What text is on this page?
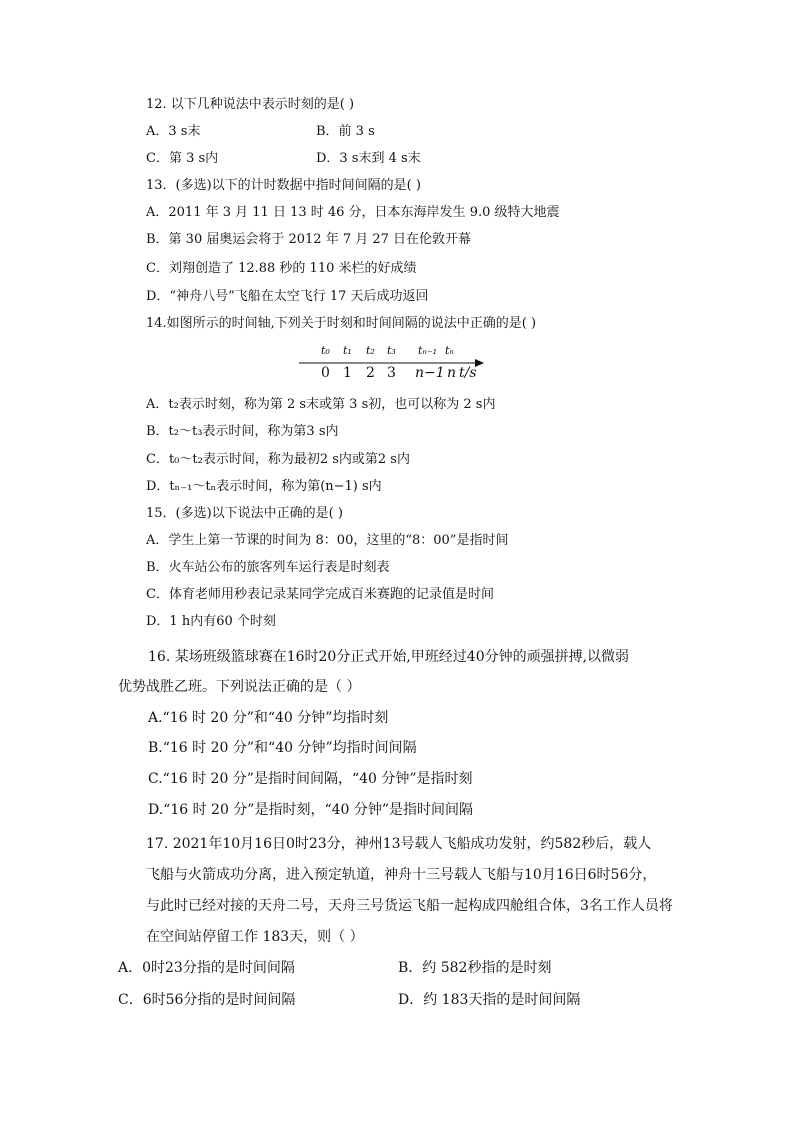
12. 以下几种说法中表示时刻的是( )
A．3 s末	B．前 3 s
C．第 3 s内	D．3 s末到 4 s末
13．(多选)以下的计时数据中指时间间隔的是( )
A．2011 年 3 月 11 日 13 时 46 分，日本东海岸发生 9.0 级特大地震
B．第 30 届奥运会将于 2012 年 7 月 27 日在伦敦开幕
C．刘翔创造了 12.88 秒的 110 米栏的好成绩
D．“神舟八号”飞船在太空飞行 17 天后成功返回
14.如图所示的时间轴,下列关于时刻和时间间隔的说法中正确的是( )
t₀ t₁ t₂ t₃ tₙ₋₁ tₙ
0 1 2 3 n−1 n t/s
A．t₂表示时刻，称为第 2 s末或第 3 s初，也可以称为 2 s内
B．t₂～t₃表示时间，称为第3 s内
C．t₀～t₂表示时间，称为最初2 s内或第2 s内
D．tₙ₋₁～tₙ表示时间，称为第(n−1) s内
15．(多选)以下说法中正确的是( )
A．学生上第一节课的时间为 8：00，这里的“8：00”是指时间
B．火车站公布的旅客列车运行表是时刻表
C．体育老师用秒表记录某同学完成百米赛跑的记录值是时间
D．1 h内有60 个时刻
16. 某场班级篮球赛在16时20分正式开始,甲班经过40分钟的顽强拼搏,以微弱
优势战胜乙班。下列说法正确的是（ ）
A.“16 时 20 分”和“40 分钟”均指时刻
B.“16 时 20 分”和“40 分钟”均指时间间隔
C.“16 时 20 分”是指时间间隔，“40 分钟”是指时刻
D.“16 时 20 分”是指时刻，“40 分钟”是指时间间隔
17. 2021年10月16日0时23分，神州13号载人飞船成功发射，约582秒后，载人
飞船与火箭成功分离，进入预定轨道，神舟十三号载人飞船与10月16日6时56分，
与此时已经对接的天舟二号，天舟三号货运飞船一起构成四舱组合体，3名工作人员将
在空间站停留工作 183天，则（ ）
A．0时23分指的是时间间隔	B．约 582秒指的是时刻
C．6时56分指的是时间间隔	D．约 183天指的是时间间隔
